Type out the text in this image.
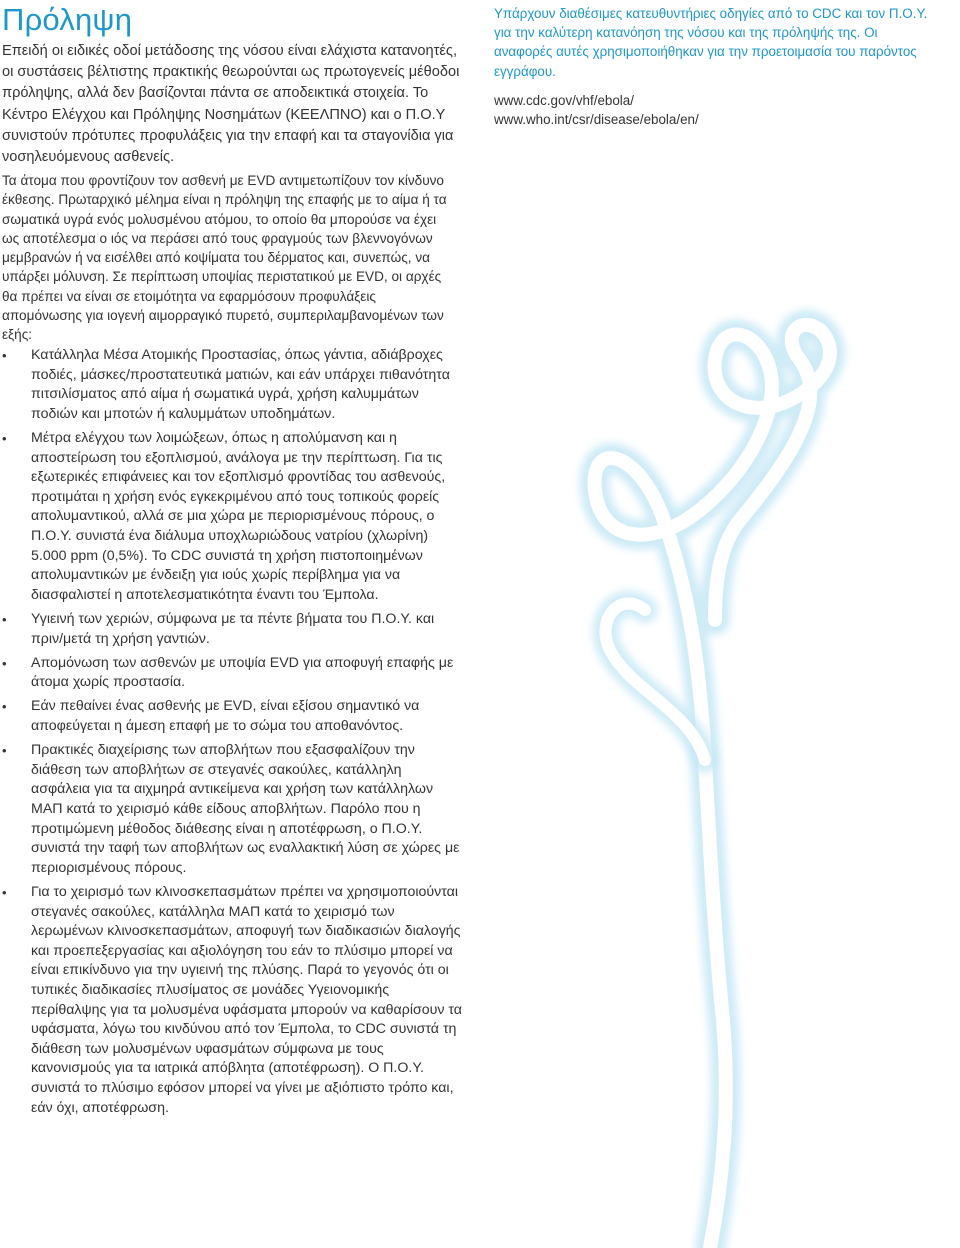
Πρόληψη

Επειδή οι ειδικές οδοί μετάδοσης της νόσου είναι ελάχιστα κατανοητές, οι συστάσεις βέλτιστης πρακτικής θεωρούνται ως πρωτογενείς μέθοδοι πρόληψης, αλλά δεν βασίζονται πάντα σε αποδεικτικά στοιχεία. Το Κέντρο Ελέγχου και Πρόληψης Νοσημάτων (ΚΕΕΛΠΝΟ) και ο Π.Ο.Υ συνιστούν πρότυπες προφυλάξεις για την επαφή και τα σταγονίδια για νοσηλευόμενους ασθενείς.

Τα άτομα που φροντίζουν τον ασθενή με EVD αντιμετωπίζουν τον κίνδυνο έκθεσης. Πρωταρχικό μέλημα είναι η πρόληψη της επαφής με το αίμα ή τα σωματικά υγρά ενός μολυσμένου ατόμου, το οποίο θα μπορούσε να έχει ως αποτέλεσμα ο ιός να περάσει από τους φραγμούς των βλεννογόνων μεμβρανών ή να εισέλθει από κοψίματα του δέρματος και, συνεπώς, να υπάρξει μόλυνση. Σε περίπτωση υποψίας περιστατικού με EVD, οι αρχές θα πρέπει να είναι σε ετοιμότητα να εφαρμόσουν προφυλάξεις απομόνωσης για ιογενή αιμορραγικό πυρετό, συμπεριλαμβανομένων των εξής:

•	Κατάλληλα Μέσα Ατομικής Προστασίας, όπως γάντια, αδιάβροχες ποδιές, μάσκες/προστατευτικά ματιών, και εάν υπάρχει πιθανότητα πιτσιλίσματος από αίμα ή σωματικά υγρά, χρήση καλυμμάτων ποδιών και μποτών ή καλυμμάτων υποδημάτων.
•	Μέτρα ελέγχου των λοιμώξεων, όπως η απολύμανση και η αποστείρωση του εξοπλισμού, ανάλογα με την περίπτωση. Για τις εξωτερικές επιφάνειες και τον εξοπλισμό φροντίδας του ασθενούς, προτιμάται η χρήση ενός εγκεκριμένου από τους τοπικούς φορείς απολυμαντικού, αλλά σε μια χώρα με περιορισμένους πόρους, ο Π.Ο.Υ. συνιστά ένα διάλυμα υποχλωριώδους νατρίου (χλωρίνη) 5.000 ppm (0,5%). Το CDC συνιστά τη χρήση πιστοποιημένων απολυμαντικών με ένδειξη για ιούς χωρίς περίβλημα για να διασφαλιστεί η αποτελεσματικότητα έναντι του Έμπολα.
•	Υγιεινή των χεριών, σύμφωνα με τα πέντε βήματα του Π.Ο.Υ. και πριν/μετά τη χρήση γαντιών.
•	Απομόνωση των ασθενών με υποψία EVD για αποφυγή επαφής με άτομα χωρίς προστασία.
•	Εάν πεθαίνει ένας ασθενής με EVD, είναι εξίσου σημαντικό να αποφεύγεται η άμεση επαφή με το σώμα του αποθανόντος.
•	Πρακτικές διαχείρισης των αποβλήτων που εξασφαλίζουν την διάθεση των αποβλήτων σε στεγανές σακούλες, κατάλληλη ασφάλεια για τα αιχμηρά αντικείμενα και χρήση των κατάλληλων ΜΑΠ κατά το χειρισμό κάθε είδους αποβλήτων. Παρόλο που η προτιμώμενη μέθοδος διάθεσης είναι η αποτέφρωση, ο Π.Ο.Υ. συνιστά την ταφή των αποβλήτων ως εναλλακτική λύση σε χώρες με περιορισμένους πόρους.
•	Για το χειρισμό των κλινοσκεπασμάτων πρέπει να χρησιμοποιούνται στεγανές σακούλες, κατάλληλα ΜΑΠ κατά το χειρισμό των λερωμένων κλινοσκεπασμάτων, αποφυγή των διαδικασιών διαλογής και προεπεξεργασίας και αξιολόγηση του εάν το πλύσιμο μπορεί να είναι επικίνδυνο για την υγιεινή της πλύσης. Παρά το γεγονός ότι οι τυπικές διαδικασίες πλυσίματος σε μονάδες Υγειονομικής περίθαλψης για τα μολυσμένα υφάσματα μπορούν να καθαρίσουν τα υφάσματα, λόγω του κινδύνου από τον Έμπολα, το CDC συνιστά τη διάθεση των μολυσμένων υφασμάτων σύμφωνα με τους κανονισμούς για τα ιατρικά απόβλητα (αποτέφρωση). Ο Π.Ο.Υ. συνιστά το πλύσιμο εφόσον μπορεί να γίνει με αξιόπιστο τρόπο και, εάν όχι, αποτέφρωση.

Υπάρχουν διαθέσιμες κατευθυντήριες οδηγίες από το CDC και τον Π.Ο.Υ. για την καλύτερη κατανόηση της νόσου και της πρόληψής της. Οι αναφορές αυτές χρησιμοποιήθηκαν για την προετοιμασία του παρόντος εγγράφου.

www.cdc.gov/vhf/ebola/
www.who.int/csr/disease/ebola/en/
